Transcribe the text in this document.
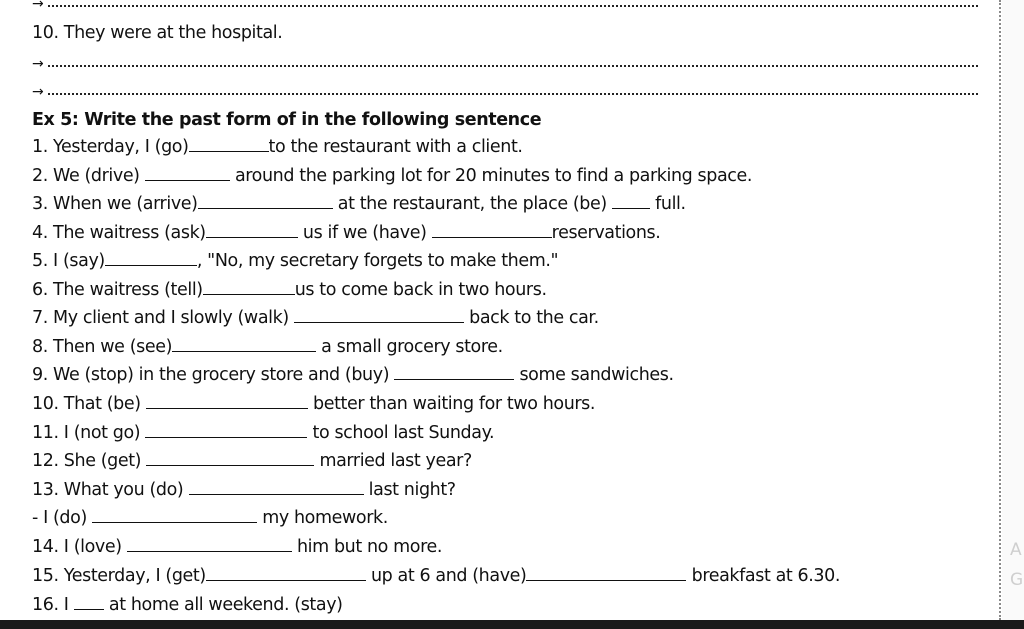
→
10. They were at the hospital.
→
→
Ex 5: Write the past form of in the following sentence
1. Yesterday, I (go)	to the restaurant with a client.
2. We (drive)	around the parking lot for 20 minutes to find a parking space.
3. When we (arrive)	at the restaurant, the place (be)  full.
4. The waitress (ask)	us if we (have)	reservations.
5. I (say)	, "No, my secretary forgets to make them."
6. The waitress (tell)	us to come back in two hours.
7. My client and I slowly (walk)	back to the car.
8. Then we (see)	a small grocery store.
9. We (stop) in the grocery store and (buy)	some sandwiches.
10. That (be)	better than waiting for two hours.
11. I (not go)	to school last Sunday.
12. She (get)	married last year?
13. What you (do)	last night?
- I (do)	my homework.
14. I (love)	him but no more.
15. Yesterday, I (get)	up at 6 and (have)	breakfast at 6.30.
16. I  at home all weekend. (stay)
A
G
